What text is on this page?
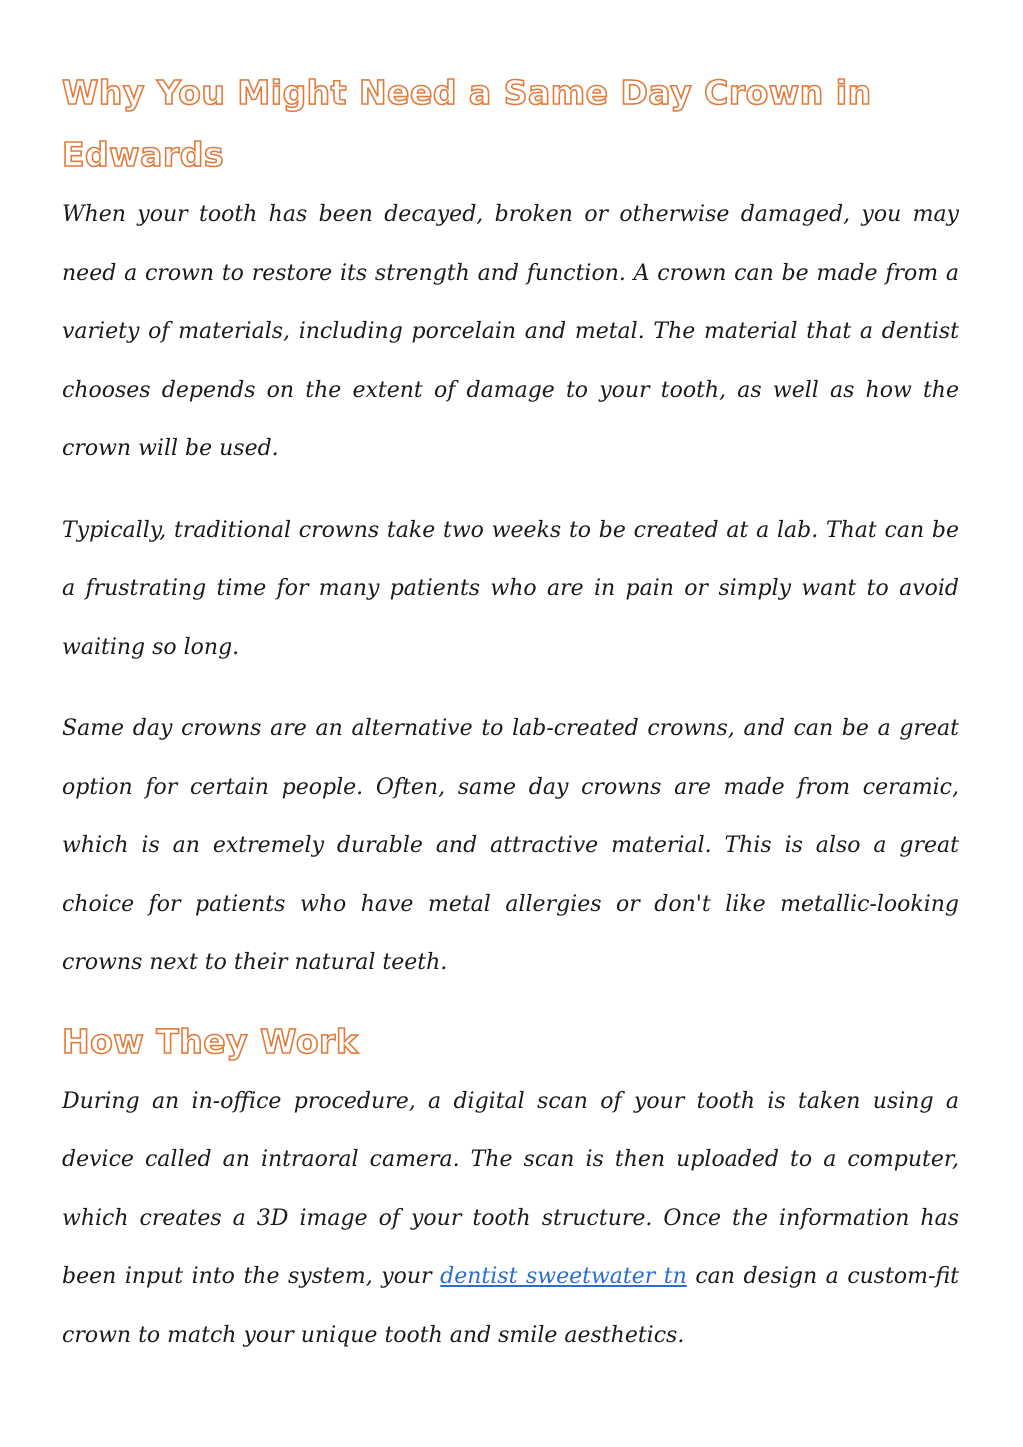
Why You Might Need a Same Day Crown in Edwards

When your tooth has been decayed, broken or otherwise damaged, you may need a crown to restore its strength and function. A crown can be made from a variety of materials, including porcelain and metal. The material that a dentist chooses depends on the extent of damage to your tooth, as well as how the crown will be used.

Typically, traditional crowns take two weeks to be created at a lab. That can be a frustrating time for many patients who are in pain or simply want to avoid waiting so long.

Same day crowns are an alternative to lab-created crowns, and can be a great option for certain people. Often, same day crowns are made from ceramic, which is an extremely durable and attractive material. This is also a great choice for patients who have metal allergies or don't like metallic-looking crowns next to their natural teeth.

How They Work

During an in-office procedure, a digital scan of your tooth is taken using a device called an intraoral camera. The scan is then uploaded to a computer, which creates a 3D image of your tooth structure. Once the information has been input into the system, your dentist sweetwater tn can design a custom-fit crown to match your unique tooth and smile aesthetics.
